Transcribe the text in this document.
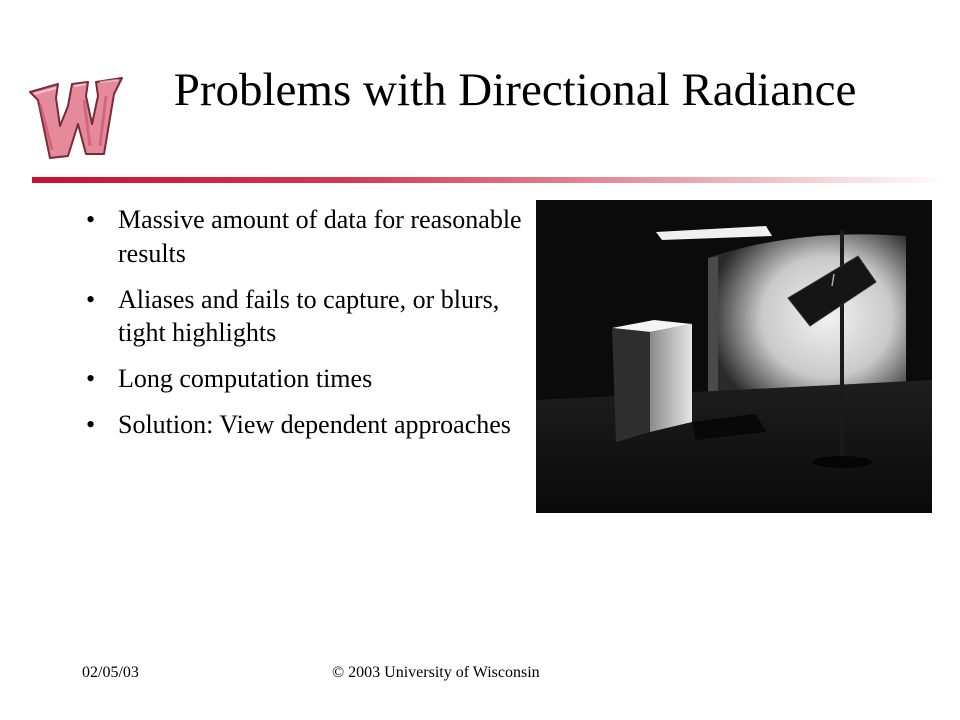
Problems with Directional Radiance
• Massive amount of data for reasonable results
• Aliases and fails to capture, or blurs, tight highlights
• Long computation times
• Solution: View dependent approaches
02/05/03	© 2003 University of Wisconsin
